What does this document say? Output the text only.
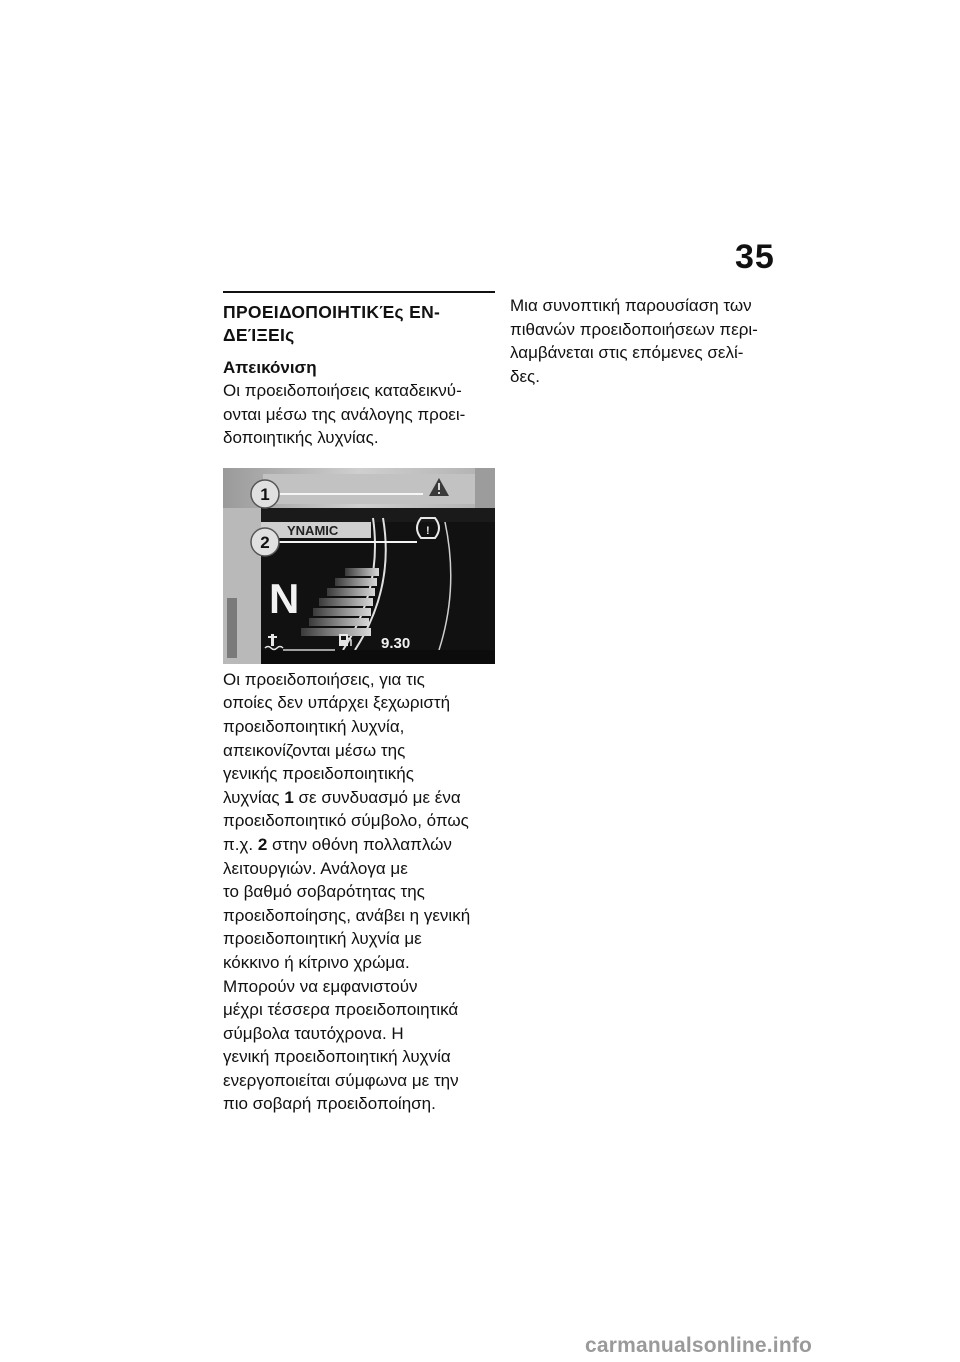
35
ΠΡΟΕΙΔΟΠΟΙΗΤΙΚΈς ΕΝ-
ΔΕΊΞΕΙς
Απεικόνιση
Οι προειδοποιήσεις καταδεικνύ-
ονται μέσω της ανάλογης προει-
δοποιητικής λυχνίας.
YNAMIC
N
9.30
!
1
2
Οι προειδοποιήσεις, για τις
οποίες δεν υπάρχει ξεχωριστή
προειδοποιητική λυχνία,
απεικονίζονται μέσω της
γενικής προειδοποιητικής
λυχνίας 1 σε συνδυασμό με ένα
προειδοποιητικό σύμβολο, όπως
π.χ. 2 στην οθόνη πολλαπλών
λειτουργιών. Ανάλογα με
το βαθμό σοβαρότητας της
προειδοποίησης, ανάβει η γενική
προειδοποιητική λυχνία με
κόκκινο ή κίτρινο χρώμα.
Μπορούν να εμφανιστούν
μέχρι τέσσερα προειδοποιητικά
σύμβολα ταυτόχρονα. Η
γενική προειδοποιητική λυχνία
ενεργοποιείται σύμφωνα με την
πιο σοβαρή προειδοποίηση.
Μια συνοπτική παρουσίαση των
πιθανών προειδοποιήσεων περι-
λαμβάνεται στις επόμενες σελί-
δες.
carmanualsonline.info
